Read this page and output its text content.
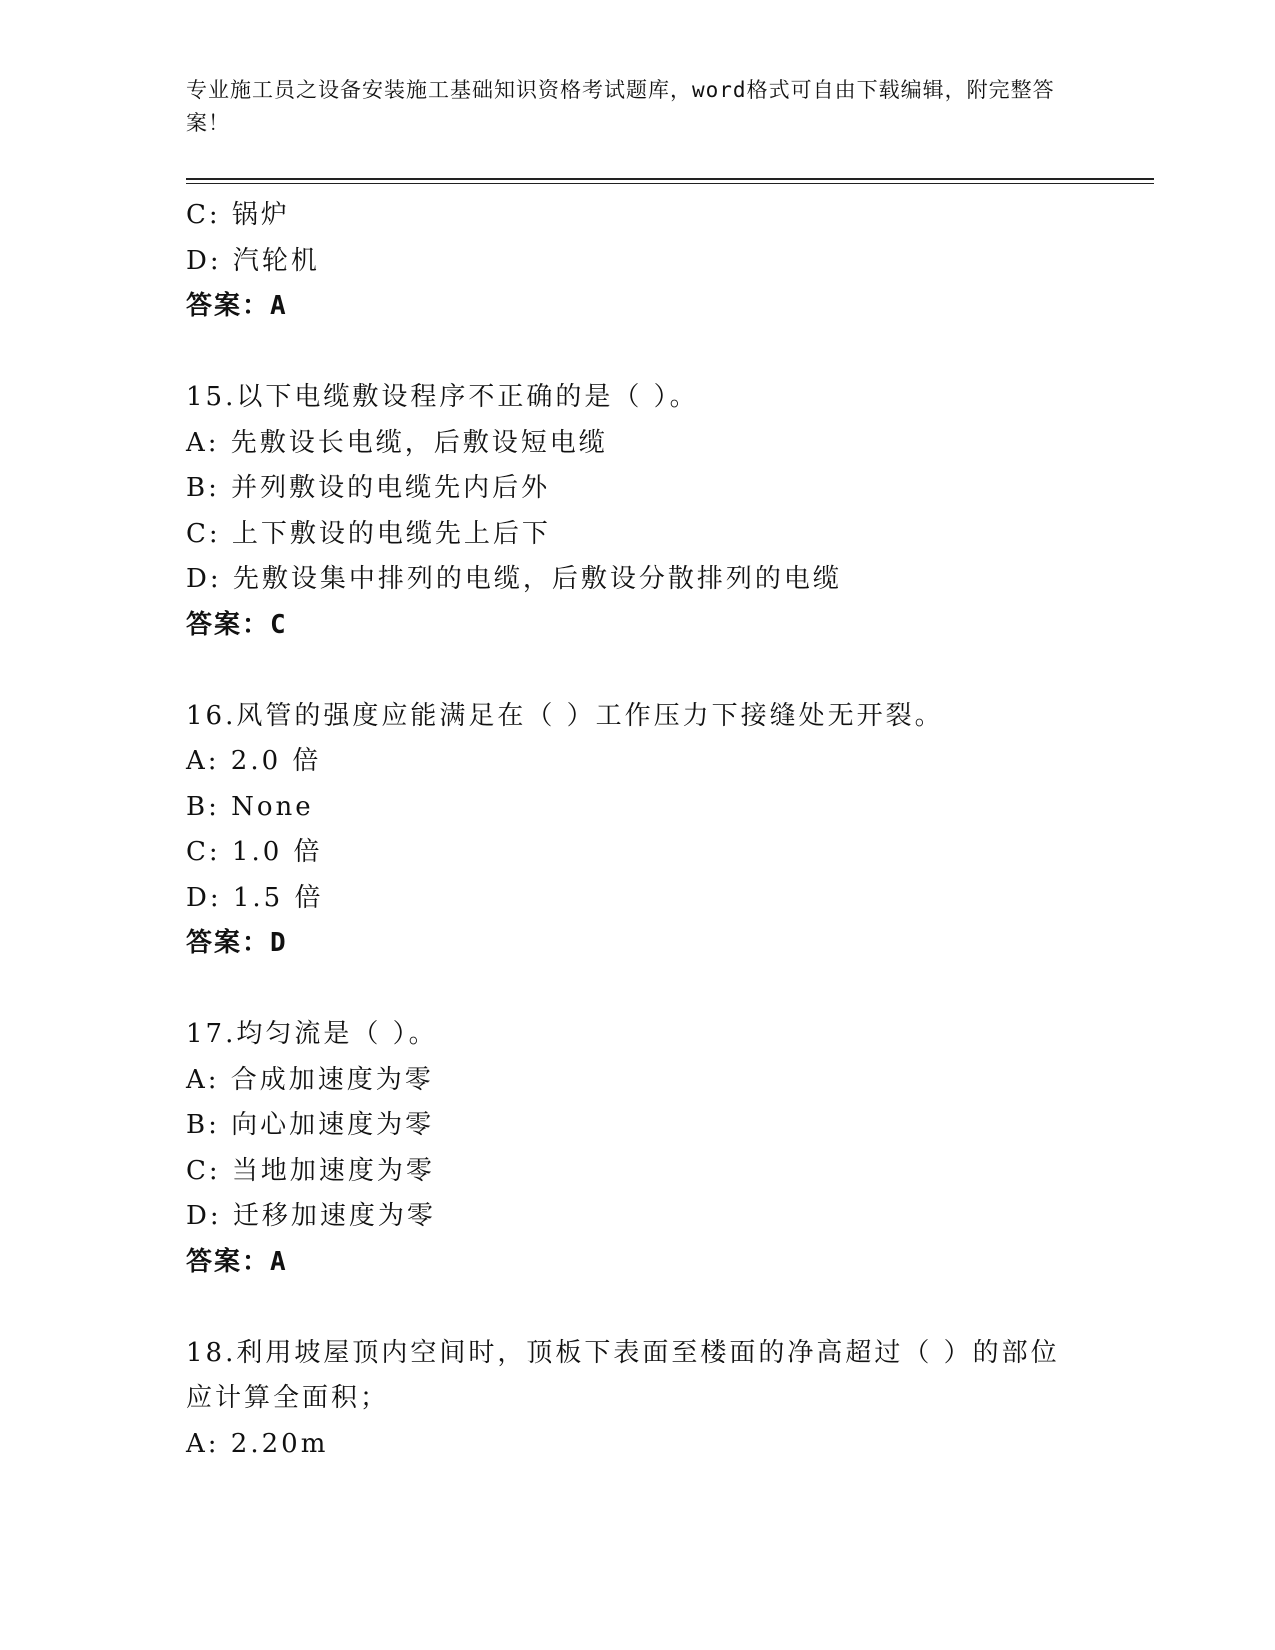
专业施工员之设备安装施工基础知识资格考试题库，word格式可自由下载编辑，附完整答案！
C: 锅炉
D: 汽轮机
答案：A
15.以下电缆敷设程序不正确的是（ ）。
A: 先敷设长电缆，后敷设短电缆
B: 并列敷设的电缆先内后外
C: 上下敷设的电缆先上后下
D: 先敷设集中排列的电缆，后敷设分散排列的电缆
答案：C
16.风管的强度应能满足在（ ）工作压力下接缝处无开裂。
A: 2.0 倍
B: None
C: 1.0 倍
D: 1.5 倍
答案：D
17.均匀流是（ ）。
A: 合成加速度为零
B: 向心加速度为零
C: 当地加速度为零
D: 迁移加速度为零
答案：A
18.利用坡屋顶内空间时，顶板下表面至楼面的净高超过（ ）的部位应计算全面积；
A: 2.20m
